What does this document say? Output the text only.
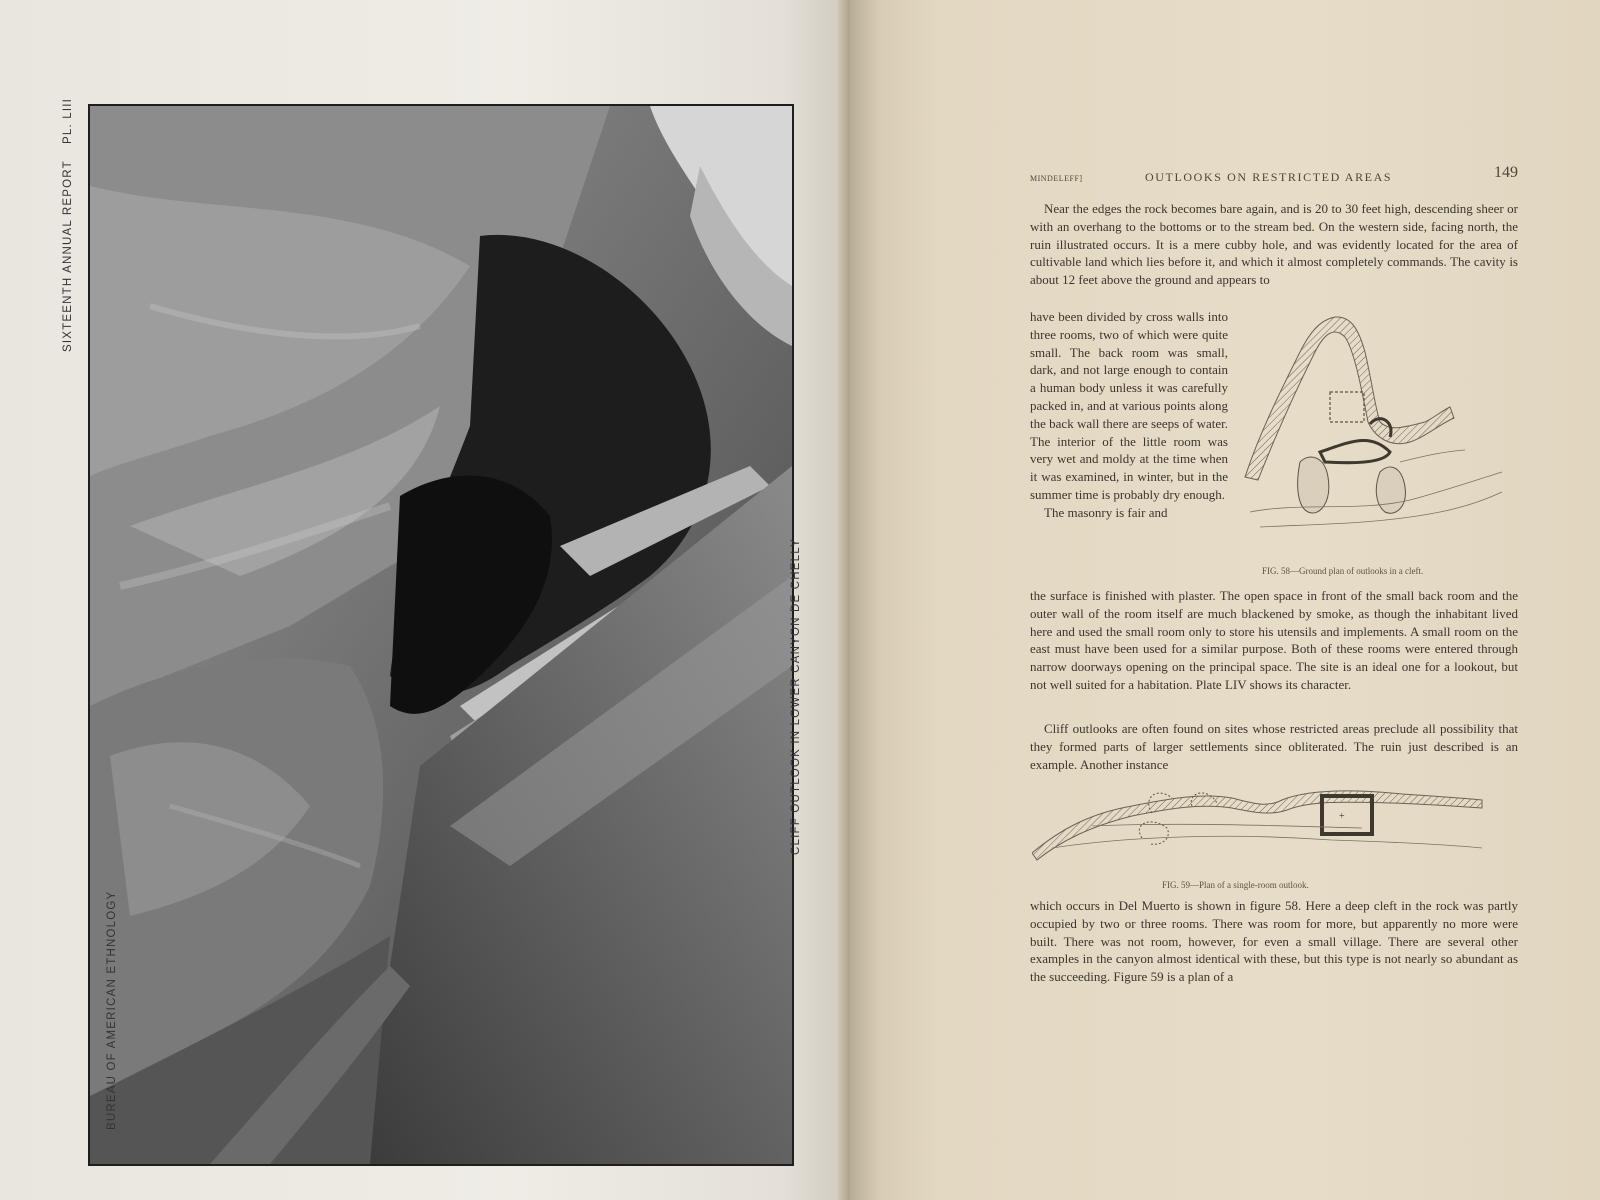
SIXTEENTH ANNUAL REPORT PL. LIII
BUREAU OF AMERICAN ETHNOLOGY
CLIFF OUTLOOK IN LOWER CANYON DE CHELLY
MINDELEFF]	OUTLOOKS ON RESTRICTED AREAS	149

Near the edges the rock becomes bare again, and is 20 to 30 feet high, descending sheer or with an overhang to the bottoms or to the stream bed. On the western side, facing north, the ruin illustrated occurs. It is a mere cubby hole, and was evidently located for the area of cultivable land which lies before it, and which it almost completely commands. The cavity is about 12 feet above the ground and appears to

have been divided by cross walls into three rooms, two of which were quite small. The back room was small, dark, and not large enough to contain a human body unless it was carefully packed in, and at various points along the back wall there are seeps of water. The interior of the little room was very wet and moldy at the time when it was examined, in winter, but in the summer time is probably dry enough.

The masonry is fair and

FIG. 58—Ground plan of outlooks in a cleft.

the surface is finished with plaster. The open space in front of the small back room and the outer wall of the room itself are much blackened by smoke, as though the inhabitant lived here and used the small room only to store his utensils and implements. A small room on the east must have been used for a similar purpose. Both of these rooms were entered through narrow doorways opening on the principal space. The site is an ideal one for a lookout, but not well suited for a habitation. Plate LIV shows its character.

Cliff outlooks are often found on sites whose restricted areas preclude all possibility that they formed parts of larger settlements since obliterated. The ruin just described is an example. Another instance

+
FIG. 59—Plan of a single-room outlook.

which occurs in Del Muerto is shown in figure 58. Here a deep cleft in the rock was partly occupied by two or three rooms. There was room for more, but apparently no more were built. There was not room, however, for even a small village. There are several other examples in the canyon almost identical with these, but this type is not nearly so abundant as the succeeding. Figure 59 is a plan of a
